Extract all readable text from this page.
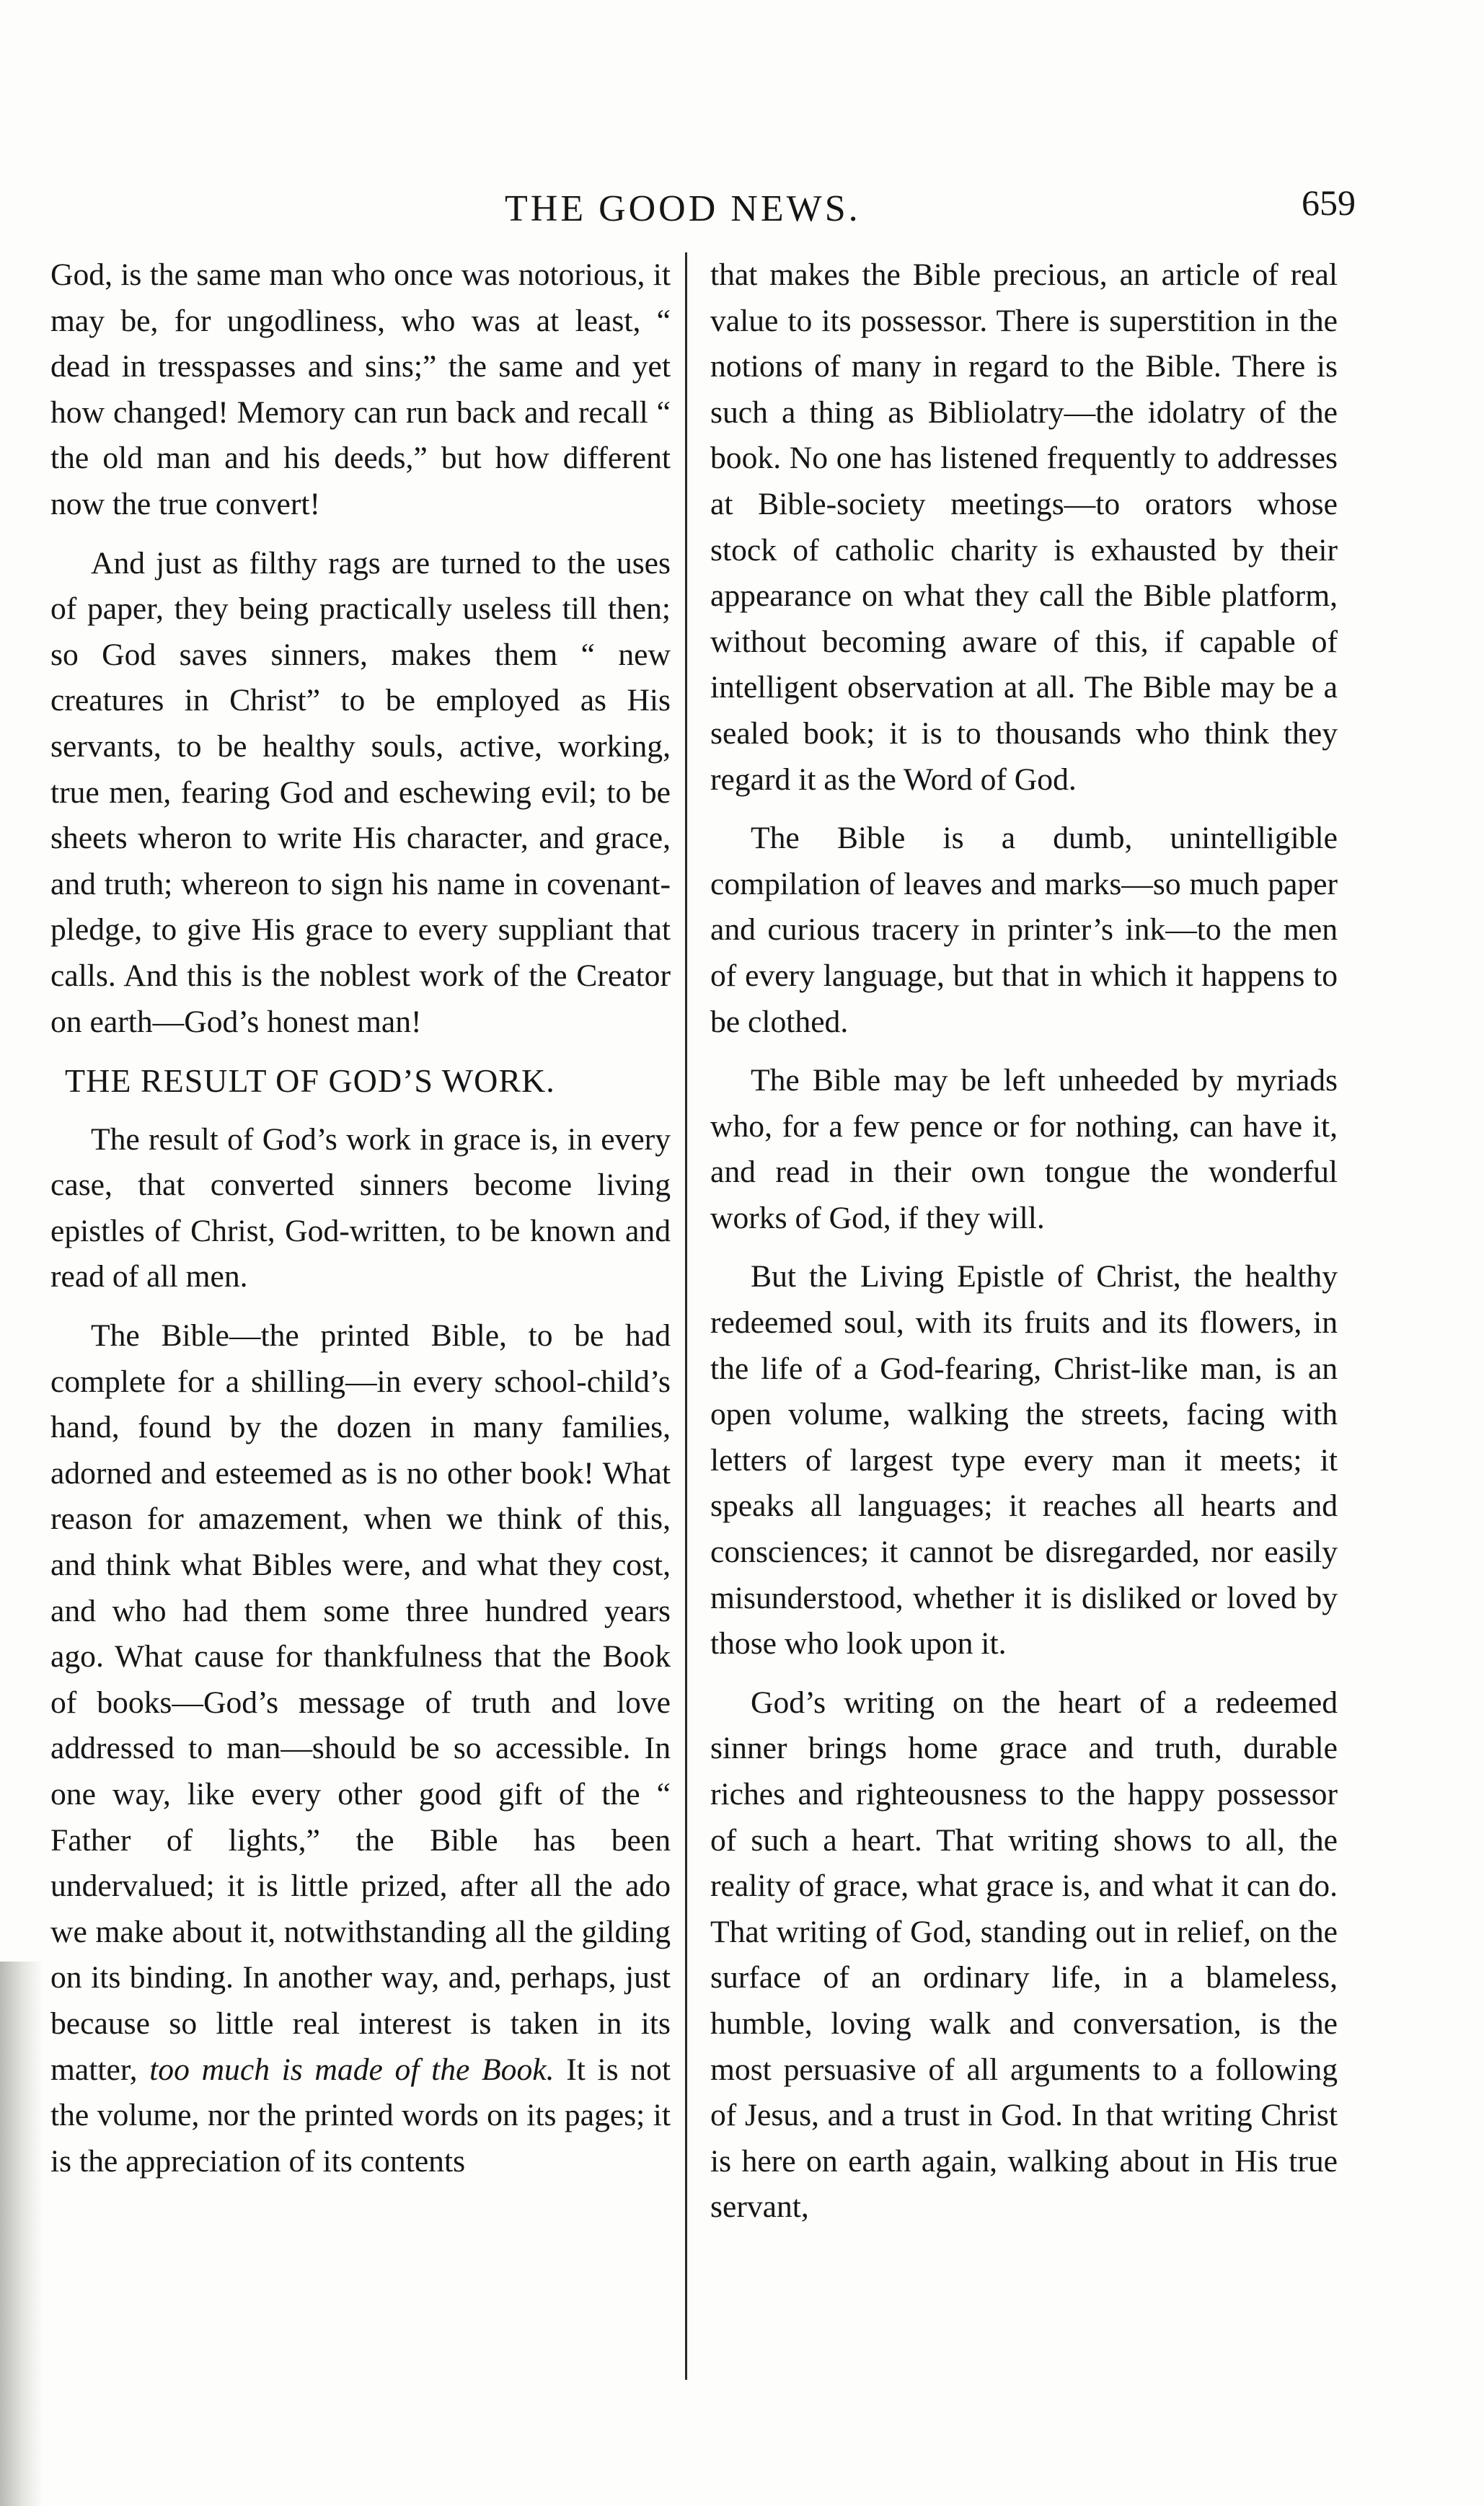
THE GOOD NEWS.	659

God, is the same man who once was notorious, it may be, for ungodliness, who was at least, “ dead in tresspasses and sins;” the same and yet how changed! Memory can run back and recall “ the old man and his deeds,” but how different now the true convert!

And just as filthy rags are turned to the uses of paper, they being practically useless till then; so God saves sinners, makes them “ new creatures in Christ” to be employed as His servants, to be healthy souls, active, working, true men, fearing God and eschewing evil; to be sheets wheron to write His character, and grace, and truth; whereon to sign his name in covenant-pledge, to give His grace to every suppliant that calls. And this is the noblest work of the Creator on earth—God’s honest man!

THE RESULT OF GOD’S WORK.

The result of God’s work in grace is, in every case, that converted sinners become living epistles of Christ, God-written, to be known and read of all men.

The Bible—the printed Bible, to be had complete for a shilling—in every school-child’s hand, found by the dozen in many families, adorned and esteemed as is no other book! What reason for amazement, when we think of this, and think what Bibles were, and what they cost, and who had them some three hundred years ago. What cause for thankfulness that the Book of books—God’s message of truth and love addressed to man—should be so accessible. In one way, like every other good gift of the “ Father of lights,” the Bible has been undervalued; it is little prized, after all the ado we make about it, notwithstanding all the gilding on its binding. In another way, and, perhaps, just because so little real interest is taken in its matter, too much is made of the Book. It is not the volume, nor the printed words on its pages; it is the appreciation of its contents

that makes the Bible precious, an article of real value to its possessor. There is superstition in the notions of many in regard to the Bible. There is such a thing as Bibliolatry—the idolatry of the book. No one has listened frequently to addresses at Bible-society meetings—to orators whose stock of catholic charity is exhausted by their appearance on what they call the Bible platform, without becoming aware of this, if capable of intelligent observation at all. The Bible may be a sealed book; it is to thousands who think they regard it as the Word of God.

The Bible is a dumb, unintelligible compilation of leaves and marks—so much paper and curious tracery in printer’s ink—to the men of every language, but that in which it happens to be clothed.

The Bible may be left unheeded by myriads who, for a few pence or for nothing, can have it, and read in their own tongue the wonderful works of God, if they will.

But the Living Epistle of Christ, the healthy redeemed soul, with its fruits and its flowers, in the life of a God-fearing, Christ-like man, is an open volume, walking the streets, facing with letters of largest type every man it meets; it speaks all languages; it reaches all hearts and consciences; it cannot be disregarded, nor easily misunderstood, whether it is disliked or loved by those who look upon it.

God’s writing on the heart of a redeemed sinner brings home grace and truth, durable riches and righteousness to the happy possessor of such a heart. That writing shows to all, the reality of grace, what grace is, and what it can do. That writing of God, standing out in relief, on the surface of an ordinary life, in a blameless, humble, loving walk and conversation, is the most persuasive of all arguments to a following of Jesus, and a trust in God. In that writing Christ is here on earth again, walking about in His true servant,
